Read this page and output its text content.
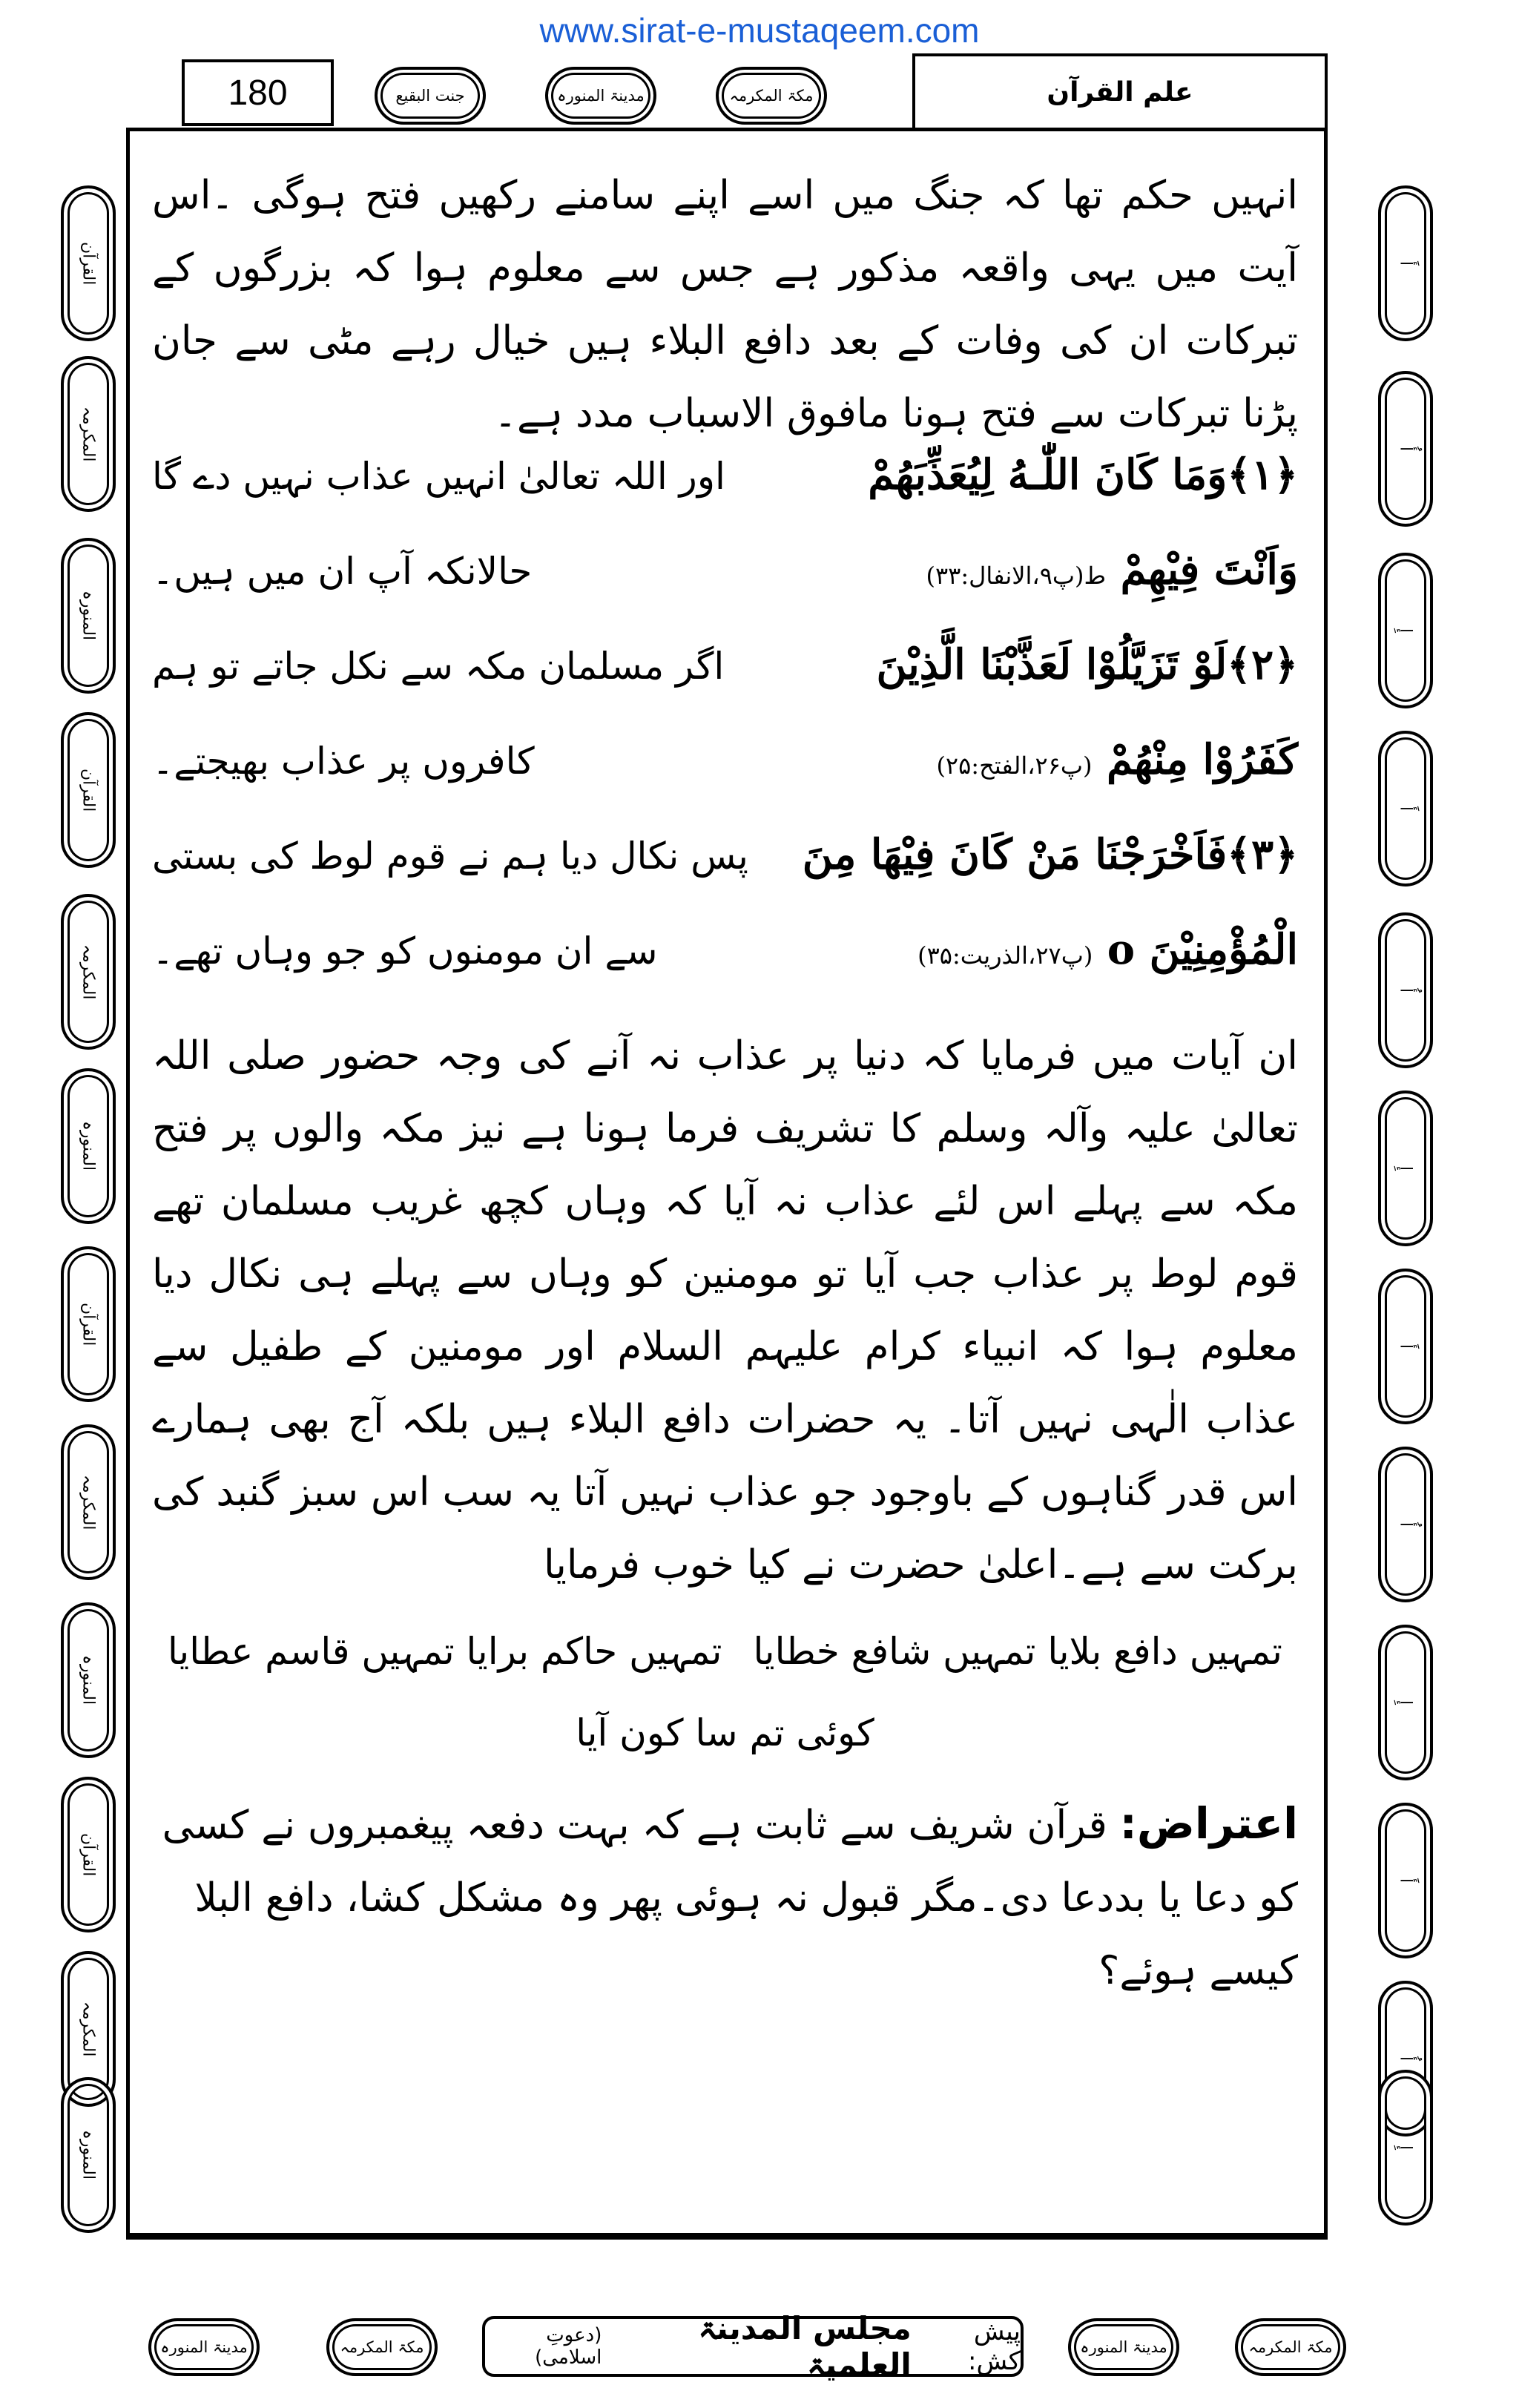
www.sirat-e-mustaqeem.com
180	جنت البقیع	مدینۃ المنورہ	مکۃ المکرمہ	علم القرآن
القرآن
المکرمہ
المنورہ
القرآن
المکرمہ
المنورہ
القرآن
المکرمہ
المنورہ
القرآن
المکرمہ
المنورہ
أَ
أُ
إِ
أَ
أُ
إِ
أَ
أُ
إِ
أَ
أُ
إِ

انہیں حکم تھا کہ جنگ میں اسے اپنے سامنے رکھیں فتح ہوگی ۔اس آیت میں یہی واقعہ مذکور ہے جس سے معلوم ہوا کہ بزرگوں کے تبرکات ان کی وفات کے بعد دافع البلاء ہیں خیال رہے مٹی سے جان پڑنا تبرکات سے فتح ہونا مافوق الاسباب مدد ہے۔

﴿۱﴾وَمَا كَانَ اللّٰـهُ لِيُعَذِّبَهُمْ
اور اللہ تعالیٰ انہیں عذاب نہیں دے گا
وَاَنْتَ فِيْهِمْ ط(پ۹،الانفال:۳۳)
حالانکہ آپ ان میں ہیں۔
﴿۲﴾لَوْ تَزَيَّلُوْا لَعَذَّبْنَا الَّذِيْنَ
اگر مسلمان مکہ سے نکل جاتے تو ہم
كَفَرُوْا مِنْهُمْ (پ۲۶،الفتح:۲۵)
کافروں پر عذاب بھیجتے۔
﴿۳﴾فَاَخْرَجْنَا مَنْ كَانَ فِيْهَا مِنَ
پس نکال دیا ہم نے قوم لوط کی بستی
الْمُؤْمِنِيْنَ o (پ۲۷،الذریت:۳۵)
سے ان مومنوں کو جو وہاں تھے۔

ان آیات میں فرمایا کہ دنیا پر عذاب نہ آنے کی وجہ حضور صلی اللہ تعالیٰ علیہ وآلہ وسلم کا تشریف فرما ہونا ہے نیز مکہ والوں پر فتح مکہ سے پہلے اس لئے عذاب نہ آیا کہ وہاں کچھ غریب مسلمان تھے قوم لوط پر عذاب جب آیا تو مومنین کو وہاں سے پہلے ہی نکال دیا معلوم ہوا کہ انبیاء کرام علیہم السلام اور مومنین کے طفیل سے عذاب الٰہی نہیں آتا۔ یہ حضرات دافع البلاء ہیں بلکہ آج بھی ہمارے اس قدر گناہوں کے باوجود جو عذاب نہیں آتا یہ سب اس سبز گنبد کی برکت سے ہے۔اعلیٰ حضرت نے کیا خوب فرمایا

تمہیں دافع بلایا تمہیں شافع خطایا
تمہیں حاکم برایا تمہیں قاسم عطایا
کوئی تم سا کون آیا

اعتراض: قرآن شریف سے ثابت ہے کہ بہت دفعہ پیغمبروں نے کسی کو دعا یا بددعا دی۔مگر قبول نہ ہوئی پھر وہ مشکل کشا، دافع البلا کیسے ہوئے؟

مدینۃ المنورہ	مکۃ المکرمہ
پیش کش:
مجلس المدینۃ العلمیۃ
(دعوتِ اسلامی)	مدینۃ المنورہ	مکۃ المکرمہ
